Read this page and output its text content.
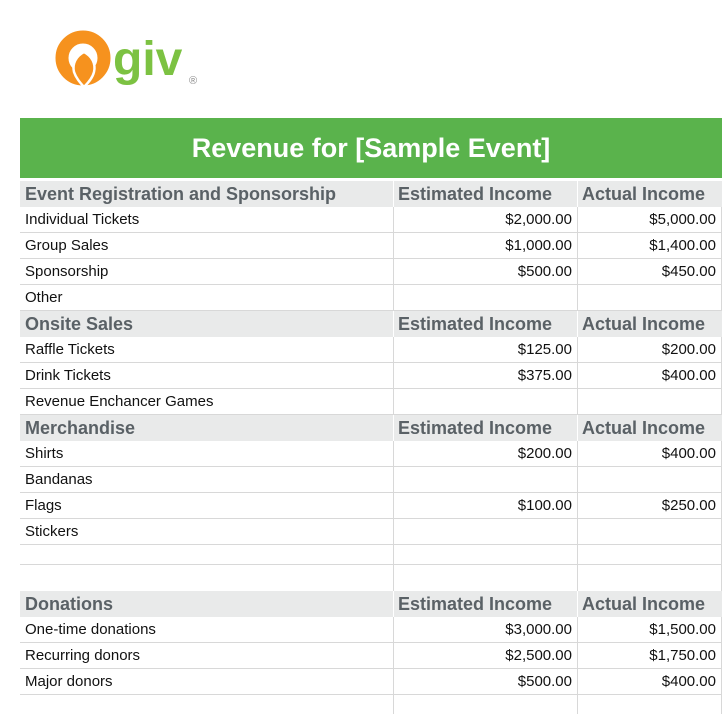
giv ®
Revenue for [Sample Event]
Event Registration and Sponsorship	Estimated Income	Actual Income
Individual Tickets	$2,000.00	$5,000.00
Group Sales	$1,000.00	$1,400.00
Sponsorship	$500.00	$450.00
Other
Onsite Sales	Estimated Income	Actual Income
Raffle Tickets	$125.00	$200.00
Drink Tickets	$375.00	$400.00
Revenue Enchancer Games
Merchandise	Estimated Income	Actual Income
Shirts	$200.00	$400.00
Bandanas
Flags	$100.00	$250.00
Stickers
Donations	Estimated Income	Actual Income
One-time donations	$3,000.00	$1,500.00
Recurring donors	$2,500.00	$1,750.00
Major donors	$500.00	$400.00
